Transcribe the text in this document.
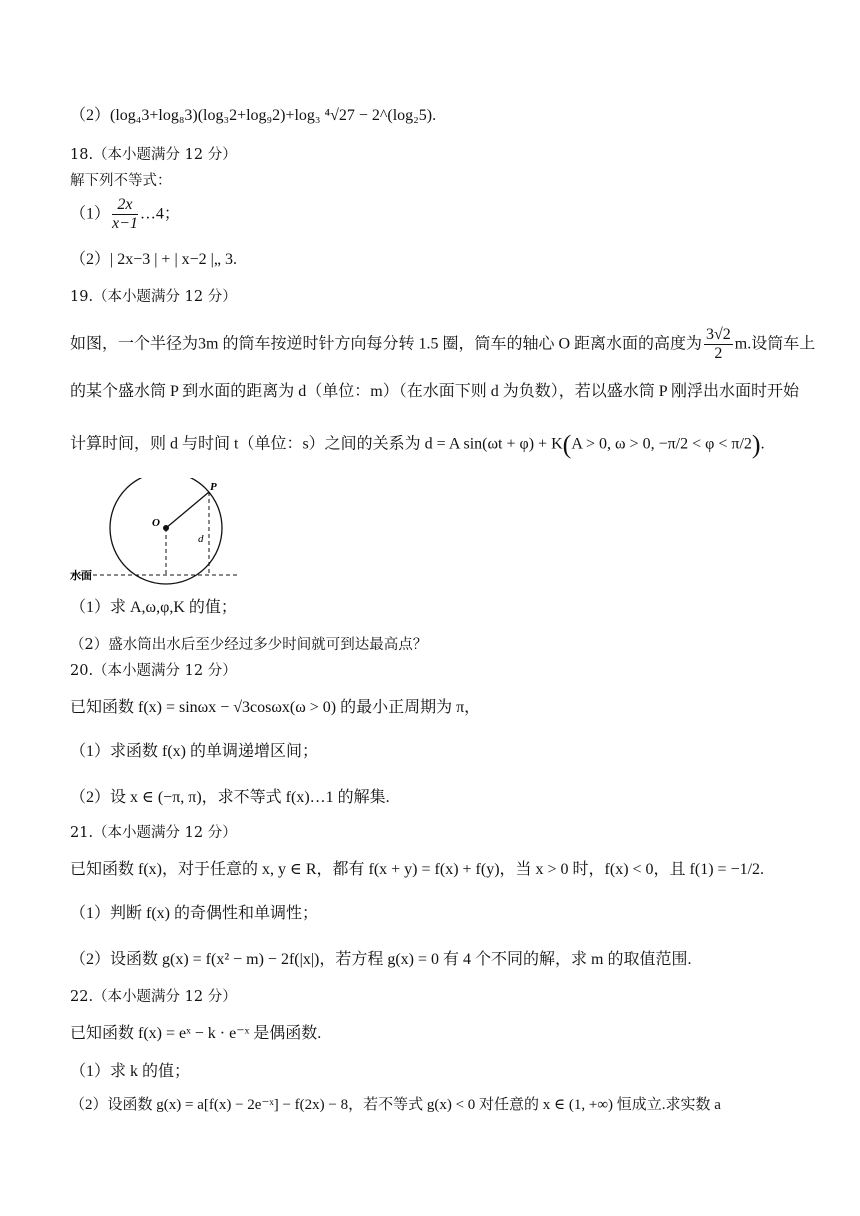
（2）(log₄3+log₈3)(log₃2+log₉2)+log₃ ⁴√27 − 2^(log₂5).
18.（本小题满分 12 分）
解下列不等式：
$(1) \frac{2x}{x-1}$ …4；
（2）| 2x−3 | + | x−2 |„ 3.
19.（本小题满分 12 分）
如图，一个半径为3m 的筒车按逆时针方向每分转 1.5 圈，筒车的轴心 O 距离水面的高度为 $\frac{3√2}{2} m$.设筒车上
的某个盛水筒 P 到水面的距离为 d（单位：m）（在水面下则 d 为负数），若以盛水筒 P 刚浮出水面时开始
计算时间，则 d 与时间 t（单位：s）之间的关系为 d = A sin(ωt + φ) + K(A > 0, ω > 0, −π/2 < φ < π/2).
O
P
d
水面
（1）求 A,ω,φ,K 的值；
（2）盛水筒出水后至少经过多少时间就可到达最高点？
20.（本小题满分 12 分）
已知函数 f(x) = sinωx − √3cosωx(ω > 0) 的最小正周期为 π，
（1）求函数 f(x) 的单调递增区间；
（2）设 x ∈ (−π, π)，求不等式 f(x)…1 的解集.
21.（本小题满分 12 分）
已知函数 f(x)，对于任意的 x, y ∈ R，都有 f(x + y) = f(x) + f(y)，当 x > 0 时，f(x) < 0，且 f(1) = −1/2.
（1）判断 f(x) 的奇偶性和单调性；
（2）设函数 g(x) = f(x² − m) − 2f(|x|)，若方程 g(x) = 0 有 4 个不同的解，求 m 的取值范围.
22.（本小题满分 12 分）
已知函数 f(x) = eˣ − k · e⁻ˣ 是偶函数.
（1）求 k 的值；
（2）设函数 g(x) = a[f(x) − 2e⁻ˣ] − f(2x) − 8，若不等式 g(x) < 0 对任意的 x ∈ (1, +∞) 恒成立.求实数 a
